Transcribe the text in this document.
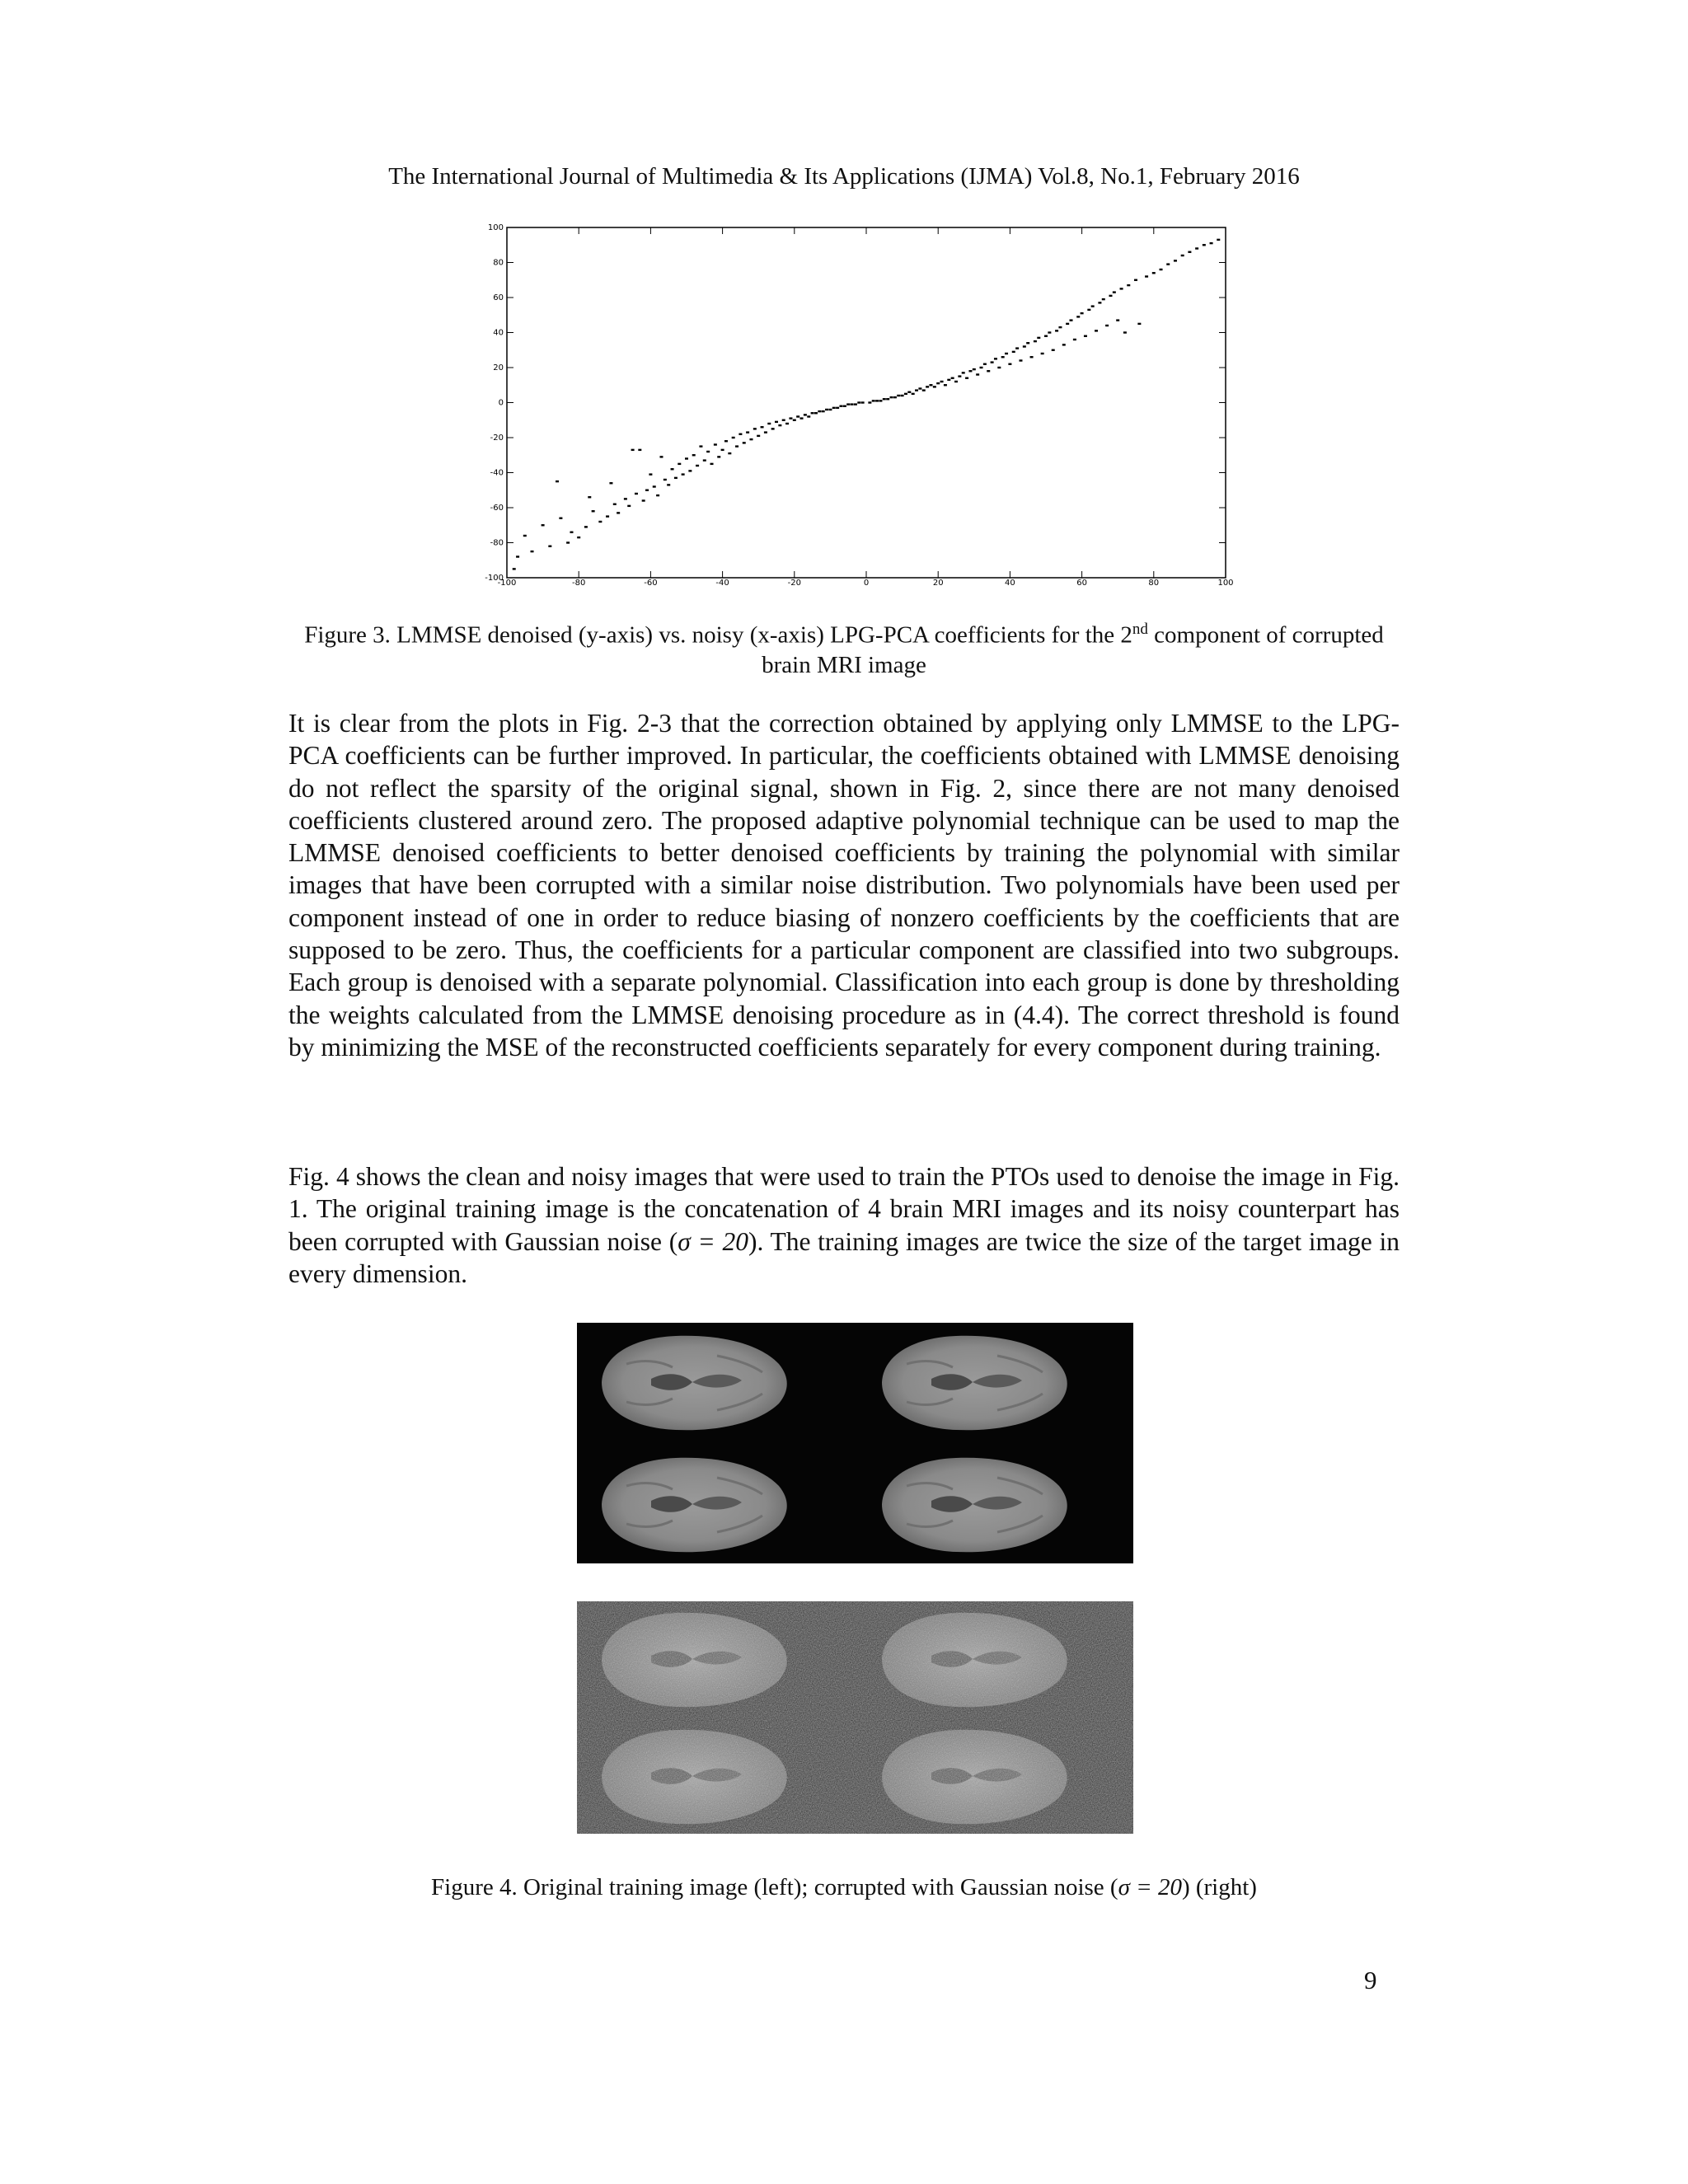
The International Journal of Multimedia & Its Applications (IJMA) Vol.8, No.1, February 2016
-100	-80	-60	-40	-20	0	20	40	60	80	100
100
80
60
40
20
0
-20
-40
-60
-80
-100
Figure 3. LMMSE denoised (y-axis) vs. noisy (x-axis) LPG-PCA coefficients for the 2nd component of corrupted brain MRI image

It is clear from the plots in Fig. 2-3 that the correction obtained by applying only LMMSE to the LPG-PCA coefficients can be further improved. In particular, the coefficients obtained with LMMSE denoising do not reflect the sparsity of the original signal, shown in Fig. 2, since there are not many denoised coefficients clustered around zero. The proposed adaptive polynomial technique can be used to map the LMMSE denoised coefficients to better denoised coefficients by training the polynomial with similar images that have been corrupted with a similar noise distribution. Two polynomials have been used per component instead of one in order to reduce biasing of nonzero coefficients by the coefficients that are supposed to be zero. Thus, the coefficients for a particular component are classified into two subgroups. Each group is denoised with a separate polynomial. Classification into each group is done by thresholding the weights calculated from the LMMSE denoising procedure as in (4.4). The correct threshold is found by minimizing the MSE of the reconstructed coefficients separately for every component during training.

Fig. 4 shows the clean and noisy images that were used to train the PTOs used to denoise the image in Fig. 1. The original training image is the concatenation of 4 brain MRI images and its noisy counterpart has been corrupted with Gaussian noise (σ = 20). The training images are twice the size of the target image in every dimension.

Figure 4. Original training image (left); corrupted with Gaussian noise (σ = 20) (right)
9
